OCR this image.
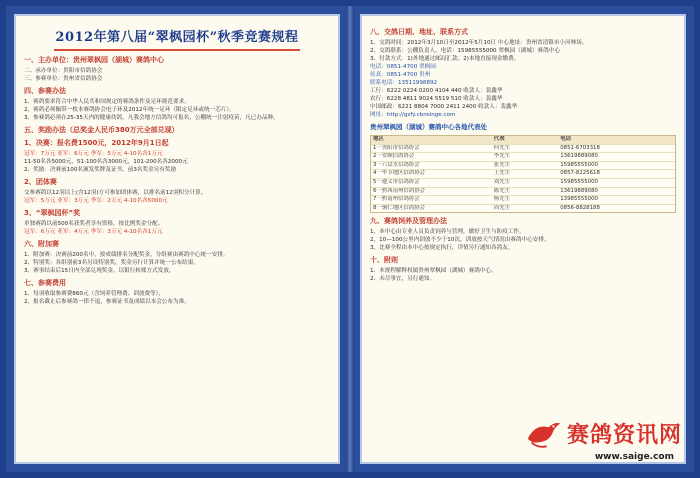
2012年第八届“翠枫园杯”秋季竞赛规程
一、主办单位：贵州翠枫园（湖城）赛鸽中心
二、承办单位：贵阳市信鸽协会
三、参赛单位：贵州省信鸽协会
四、参赛办法
1、赛鸽要求符合中华人民共和国规定的赛鸽条件及足环规范要求。
2、赛鸽必须佩带一枚本赛鸽协会电子环及2012年统一足环（限定足环或统一芯片），
3、参赛鸽必须在25-35天内的健康幼鸽，凡我会地方信鸽均可报名，公棚统一注射疫苗，凡已办品种。
五、奖励办法（总奖金人民币380万元全部兑现）
1、决赛：报名费1500元，2012年9月1日起
冠军：7万元 亚军：6万元 季军：5万元 4-10名各1万元
11-50名各5000元，51-100名各3000元，101-200名各2000元
2、奖励：决赛前100名颁发奖牌及证书，前3名奖金另有奖励
2、团体赛
交参赛鸽以12羽以上(含12羽)方可参加团体赛，以排名前12羽积分计算。
冠军：5万元 亚军：3万元 季军：2万元 4-10名各5000元
3、“翠枫园杯”奖
单独赛鸽以前500名获奖者享有资格，按比例奖金分配。
冠军：6万元 亚军：4万元 季军：3万元 4-10名各1万元
六、附加赛
1、附加赛：决赛前200名中，按成绩排名分配奖金，分组赛由赛鸽中心统一安排。
2、特别奖：各组别前3名另设特别奖，奖金另行计算并统一公布结果。
3、赛事结束后15日内全部兑现奖金，以银行转账方式发放。
七、参赛费用
1、每羽收取参赛费860元（含饲养管理费、训放费等），
2、报名截止后参赛鸽一律不退，参赛证书及成绩以本会公布为准。
八、交鸽日期、地址、联系方式
1、交鸽时间：2012年3月10日至2012年5月10日 中心地址：贵州省清镇市小河林场。
2、交鸽联系：公棚负责人，电话：15985555000 翠枫园（湖城）赛鸽中心
3、付款方式：1)外地通过邮局汇款；2)本地直接现金缴费。
电话：0851-4700 翠枫园
传真：0851-4700 贵州
联系电话：13511998892
工行：6222 0224 0200 4104 440 收款人：裴鑫华
农行：6228 4811 9024 5519 510 收款人：裴鑫华
中国邮政：6221 8804 7000 2411 2400 收款人：裴鑫华
网址：http://gzfy.cbnsinge.com
贵州翠枫园（湖城）赛鸽中心各地代表处
地区	代表	电话
1一贵阳市信鸽协会	何先生	0851-6703318
2一安顺信鸽协会	李先生	13619889080
3一六盘水信鸽协会	张先生	15985555000
4一毕节地区信鸽协会	王先生	0857-8225618
5一遵义市信鸽协会	刘先生	15985555000
6一黔西南州信鸽协会	陈先生	13619889080
7一黔南州信鸽协会	杨先生	13985555000
8一铜仁地区信鸽协会	周先生	0856-8828188
九、赛鸽饲养及管理办法
1、本中心由专业人员负责饲养与管理，做好卫生与防疫工作。
2、10—100公里内训放不少于10次，训放按天气情况由赛鸽中心安排。
3、比赛全程由本中心按规定执行，详情另行通知各鸽友。
十、附则
1、本规程解释权属贵州翠枫园（湖城）赛鸽中心。
2、未尽事宜，另行通知。
赛鸽资讯网
www.saige.com
